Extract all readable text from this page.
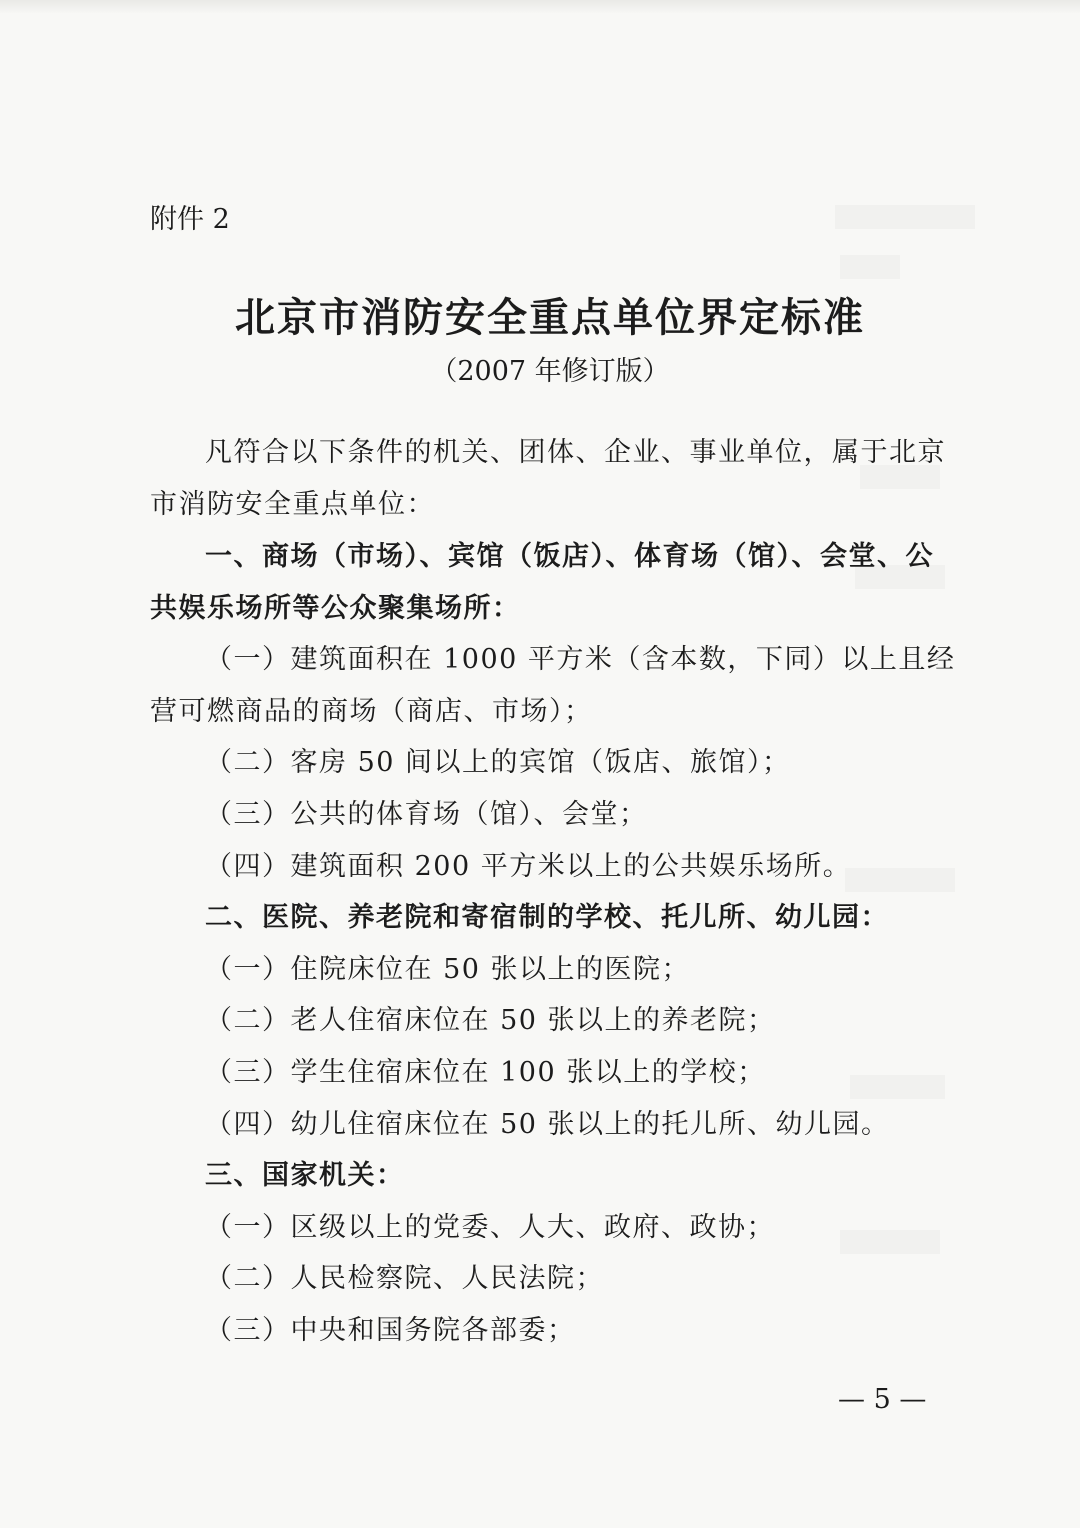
附件 2
北京市消防安全重点单位界定标准
（2007 年修订版）
凡符合以下条件的机关、团体、企业、事业单位，属于北京
市消防安全重点单位：
一、商场（市场）、宾馆（饭店）、体育场（馆）、会堂、公
共娱乐场所等公众聚集场所：
（一）建筑面积在 1000 平方米（含本数，下同）以上且经
营可燃商品的商场（商店、市场）；
（二）客房 50 间以上的宾馆（饭店、旅馆）；
（三）公共的体育场（馆）、会堂；
（四）建筑面积 200 平方米以上的公共娱乐场所。
二、医院、养老院和寄宿制的学校、托儿所、幼儿园：
（一）住院床位在 50 张以上的医院；
（二）老人住宿床位在 50 张以上的养老院；
（三）学生住宿床位在 100 张以上的学校；
（四）幼儿住宿床位在 50 张以上的托儿所、幼儿园。
三、国家机关：
（一）区级以上的党委、人大、政府、政协；
（二）人民检察院、人民法院；
（三）中央和国务院各部委；
— 5 —
